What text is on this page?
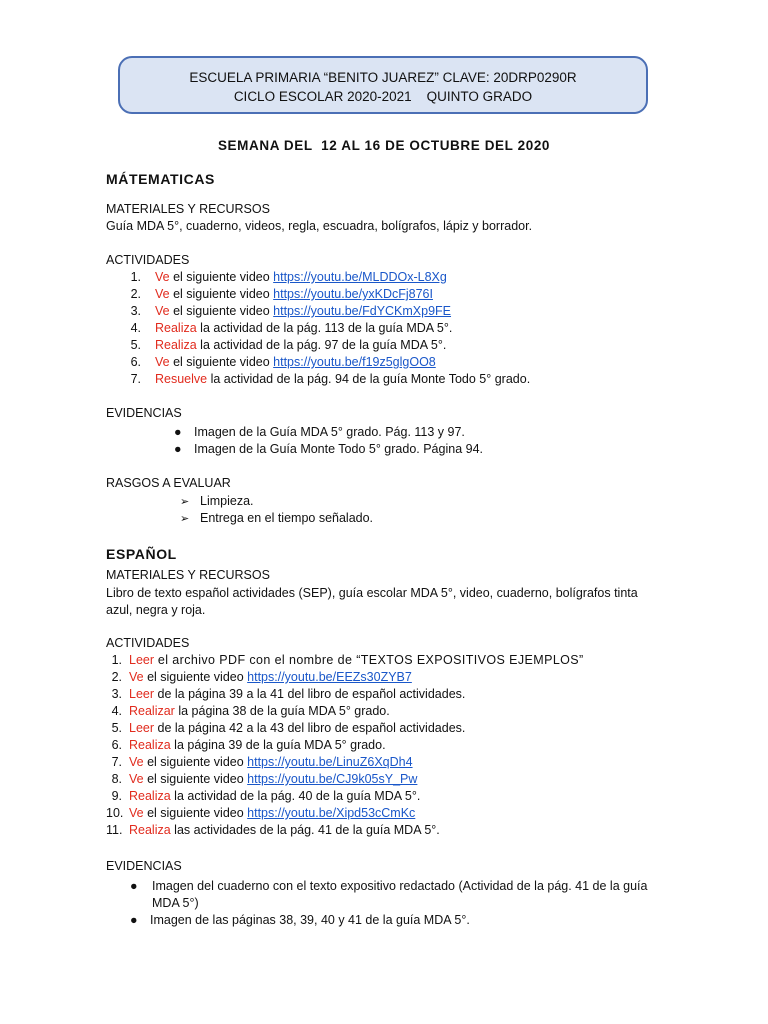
ESCUELA PRIMARIA “BENITO JUAREZ” CLAVE: 20DRP0290R
CICLO ESCOLAR 2020-2021    QUINTO GRADO
SEMANA DEL  12 AL 16 DE OCTUBRE DEL 2020
MÁTEMATICAS
MATERIALES Y RECURSOS
Guía MDA 5°, cuaderno, videos, regla, escuadra, bolígrafos, lápiz y borrador.
ACTIVIDADES
1. Ve el siguiente video https://youtu.be/MLDDOx-L8Xg
2. Ve el siguiente video https://youtu.be/yxKDcFj876I
3. Ve el siguiente video https://youtu.be/FdYCKmXp9FE
4. Realiza la actividad de la pág. 113 de la guía MDA 5°.
5. Realiza la actividad de la pág. 97 de la guía MDA 5°.
6. Ve el siguiente video https://youtu.be/f19z5glgOO8
7. Resuelve la actividad de la pág. 94 de la guía Monte Todo 5° grado.
EVIDENCIAS
● Imagen de la Guía MDA 5° grado. Pág. 113 y 97.
● Imagen de la Guía Monte Todo 5° grado. Página 94.
RASGOS A EVALUAR
➢ Limpieza.
➢ Entrega en el tiempo señalado.
ESPAÑOL
MATERIALES Y RECURSOS
Libro de texto español actividades (SEP), guía escolar MDA 5°, video, cuaderno, bolígrafos tinta azul, negra y roja.
ACTIVIDADES
1. Leer el archivo PDF con el nombre de “TEXTOS EXPOSITIVOS EJEMPLOS”
2. Ve el siguiente video https://youtu.be/EEZs30ZYB7
3. Leer de la página 39 a la 41 del libro de español actividades.
4. Realizar la página 38 de la guía MDA 5° grado.
5. Leer de la página 42 a la 43 del libro de español actividades.
6. Realiza la página 39 de la guía MDA 5° grado.
7. Ve el siguiente video https://youtu.be/LinuZ6XqDh4
8. Ve el siguiente video https://youtu.be/CJ9k05sY_Pw
9. Realiza la actividad de la pág. 40 de la guía MDA 5°.
10. Ve el siguiente video https://youtu.be/Xipd53cCmKc
11. Realiza las actividades de la pág. 41 de la guía MDA 5°.
EVIDENCIAS
●	Imagen del cuaderno con el texto expositivo redactado (Actividad de la pág. 41 de la guía MDA 5°)
● Imagen de las páginas 38, 39, 40 y 41 de la guía MDA 5°.
